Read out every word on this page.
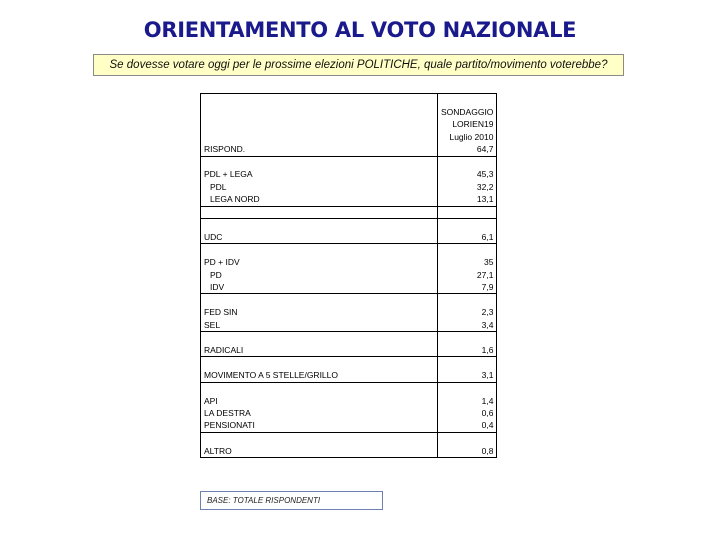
ORIENTAMENTO AL VOTO NAZIONALE
Se dovesse votare oggi per le prossime elezioni POLITICHE, quale partito/movimento voterebbe?

	SONDAGGIO
	LORIEN19
	Luglio 2010
RISPOND.	64,7

PDL + LEGA	45,3
PDL	32,2
LEGA NORD	13,1

UDC	6,1

PD + IDV	35
PD	27,1
IDV	7,9

FED SIN	2,3
SEL	3,4

RADICALI	1,6

MOVIMENTO A 5 STELLE/GRILLO	3,1

API	1,4
LA DESTRA	0,6
PENSIONATI	0,4

ALTRO	0,8
BASE: TOTALE RISPONDENTI
